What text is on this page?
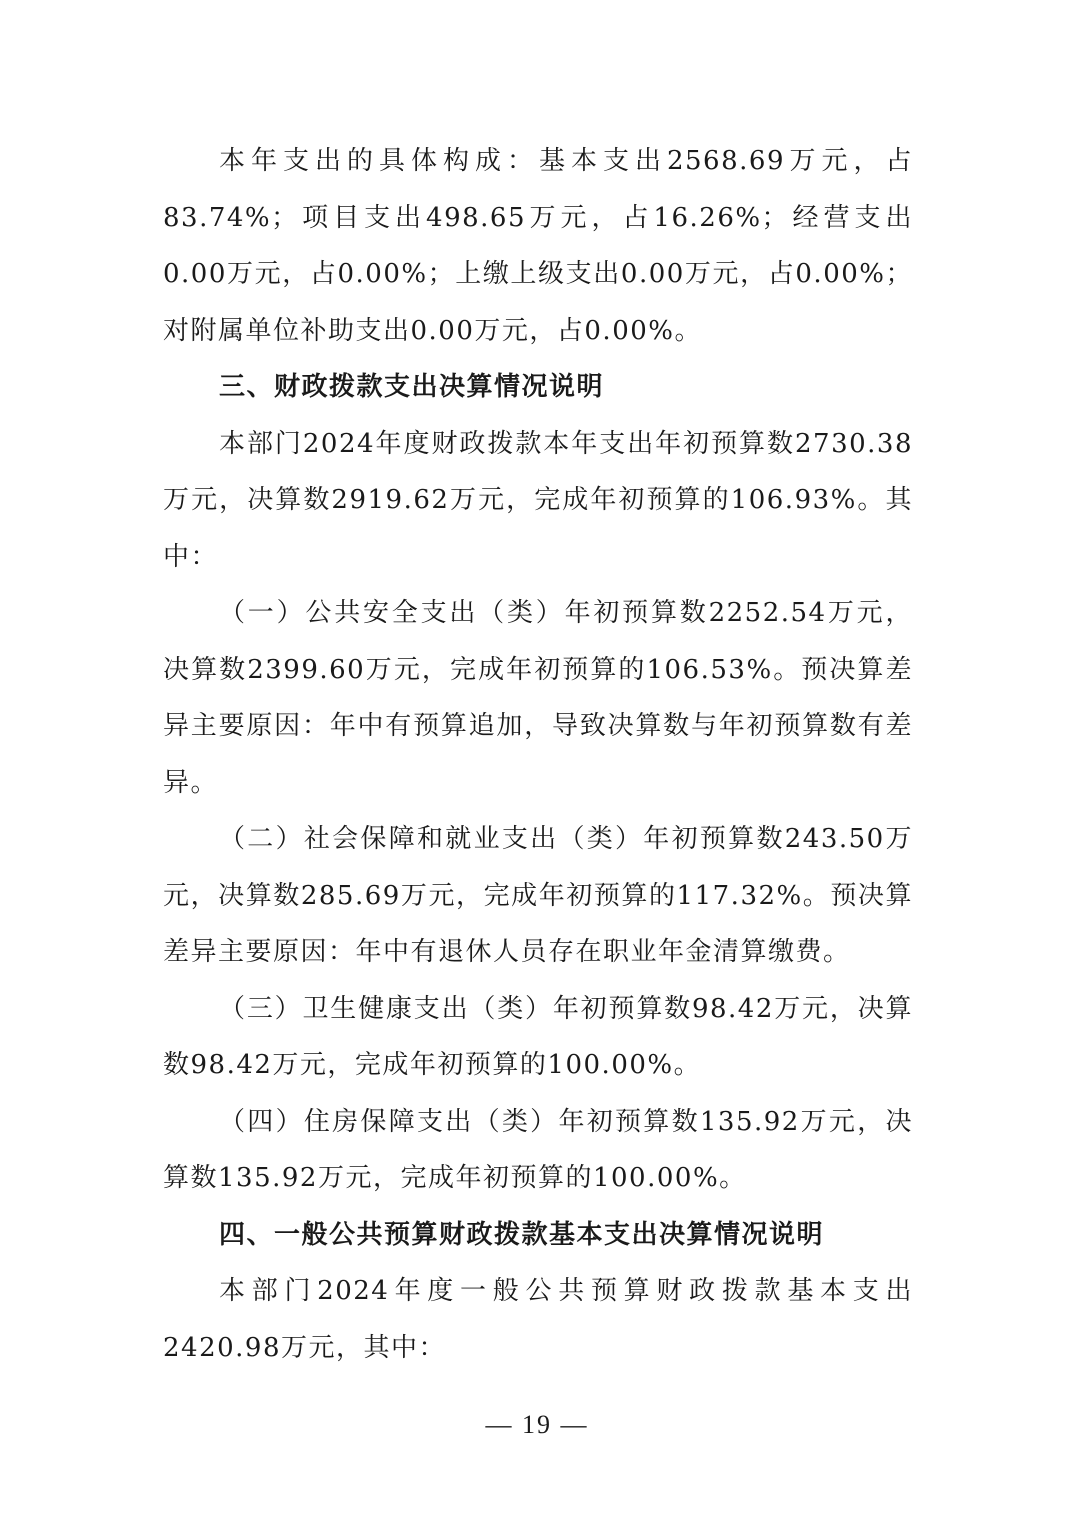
本年支出的具体构成：基本支出2568.69万元，占83.74%；项目支出498.65万元，占16.26%；经营支出0.00万元，占0.00%；上缴上级支出0.00万元，占0.00%；对附属单位补助支出0.00万元，占0.00%。

三、财政拨款支出决算情况说明

本部门2024年度财政拨款本年支出年初预算数2730.38万元，决算数2919.62万元，完成年初预算的106.93%。其中：

（一）公共安全支出（类）年初预算数2252.54万元，决算数2399.60万元，完成年初预算的106.53%。预决算差异主要原因：年中有预算追加，导致决算数与年初预算数有差异。

（二）社会保障和就业支出（类）年初预算数243.50万元，决算数285.69万元，完成年初预算的117.32%。预决算差异主要原因：年中有退休人员存在职业年金清算缴费。

（三）卫生健康支出（类）年初预算数98.42万元，决算数98.42万元，完成年初预算的100.00%。

（四）住房保障支出（类）年初预算数135.92万元，决算数135.92万元，完成年初预算的100.00%。

四、一般公共预算财政拨款基本支出决算情况说明

本部门2024年度一般公共预算财政拨款基本支出2420.98万元，其中：

— 19 —
